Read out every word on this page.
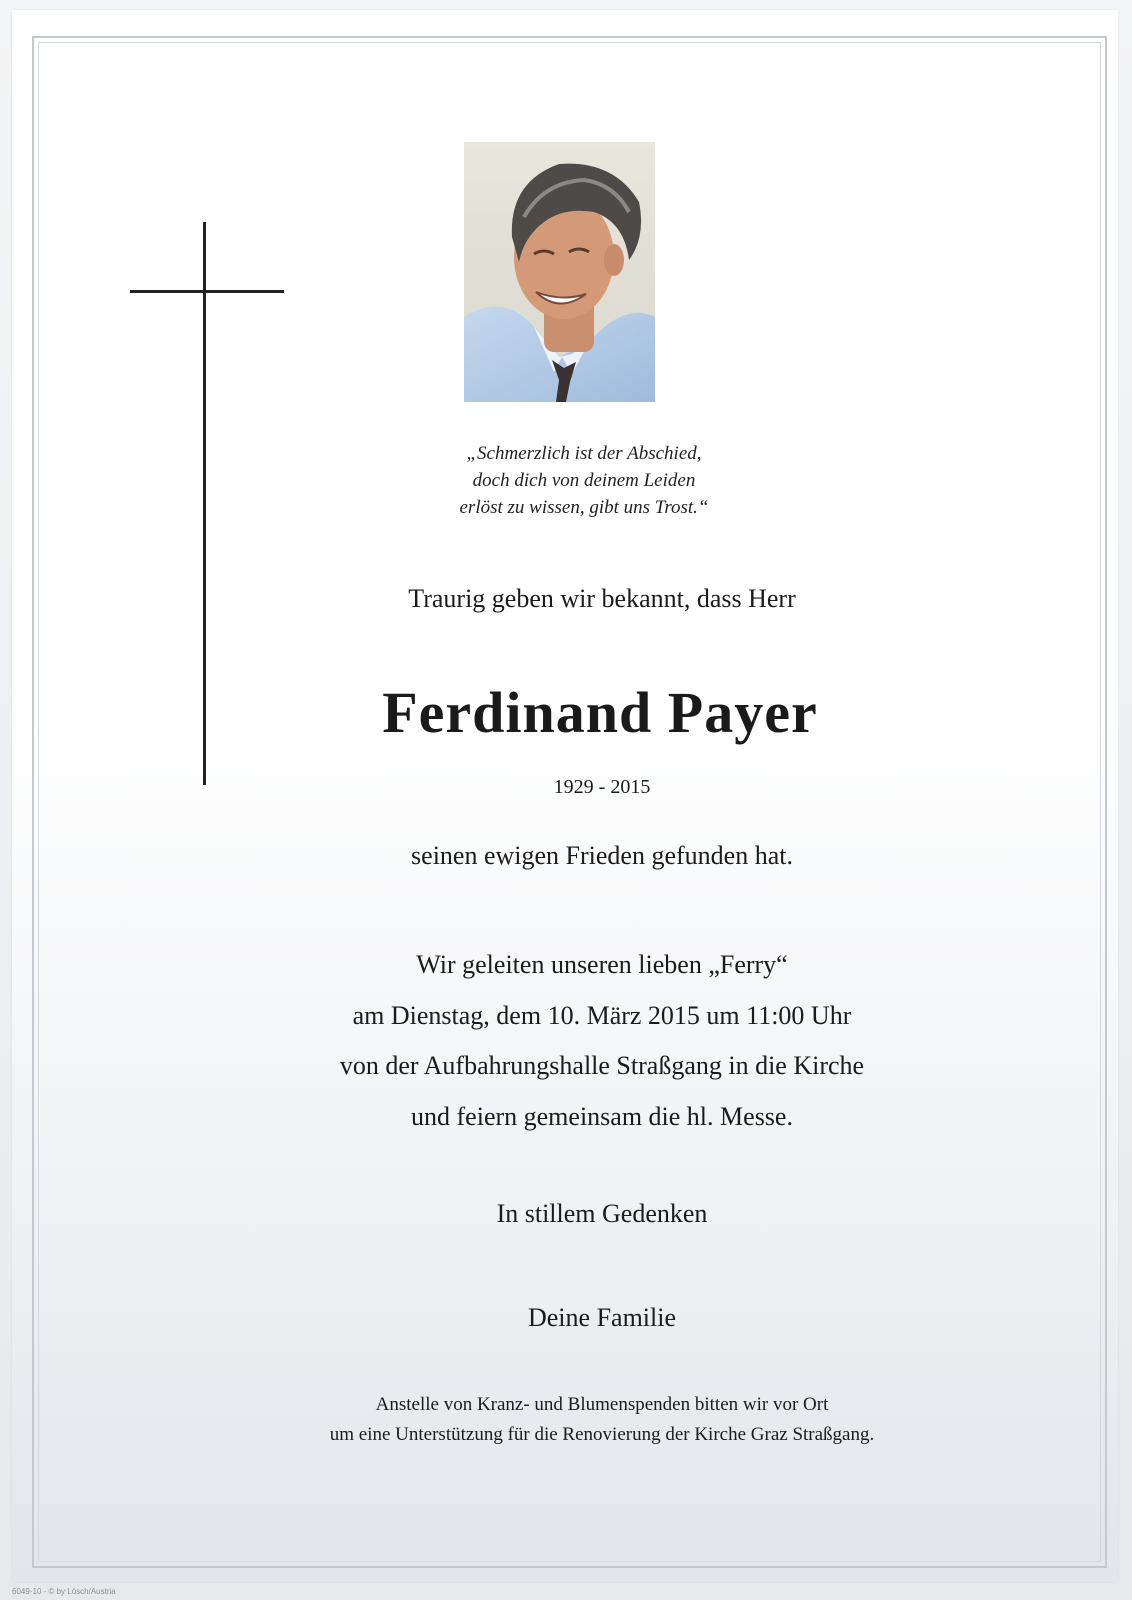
„Schmerzlich ist der Abschied,
doch dich von deinem Leiden
erlöst zu wissen, gibt uns Trost.“
Traurig geben wir bekannt, dass Herr
Ferdinand Payer
1929 - 2015
seinen ewigen Frieden gefunden hat.
Wir geleiten unseren lieben „Ferry“
am Dienstag, dem 10. März 2015 um 11:00 Uhr
von der Aufbahrungshalle Straßgang in die Kirche
und feiern gemeinsam die hl. Messe.
In stillem Gedenken
Deine Familie
Anstelle von Kranz- und Blumenspenden bitten wir vor Ort
um eine Unterstützung für die Renovierung der Kirche Graz Straßgang.
6049-10 - © by Lösch/Austria
